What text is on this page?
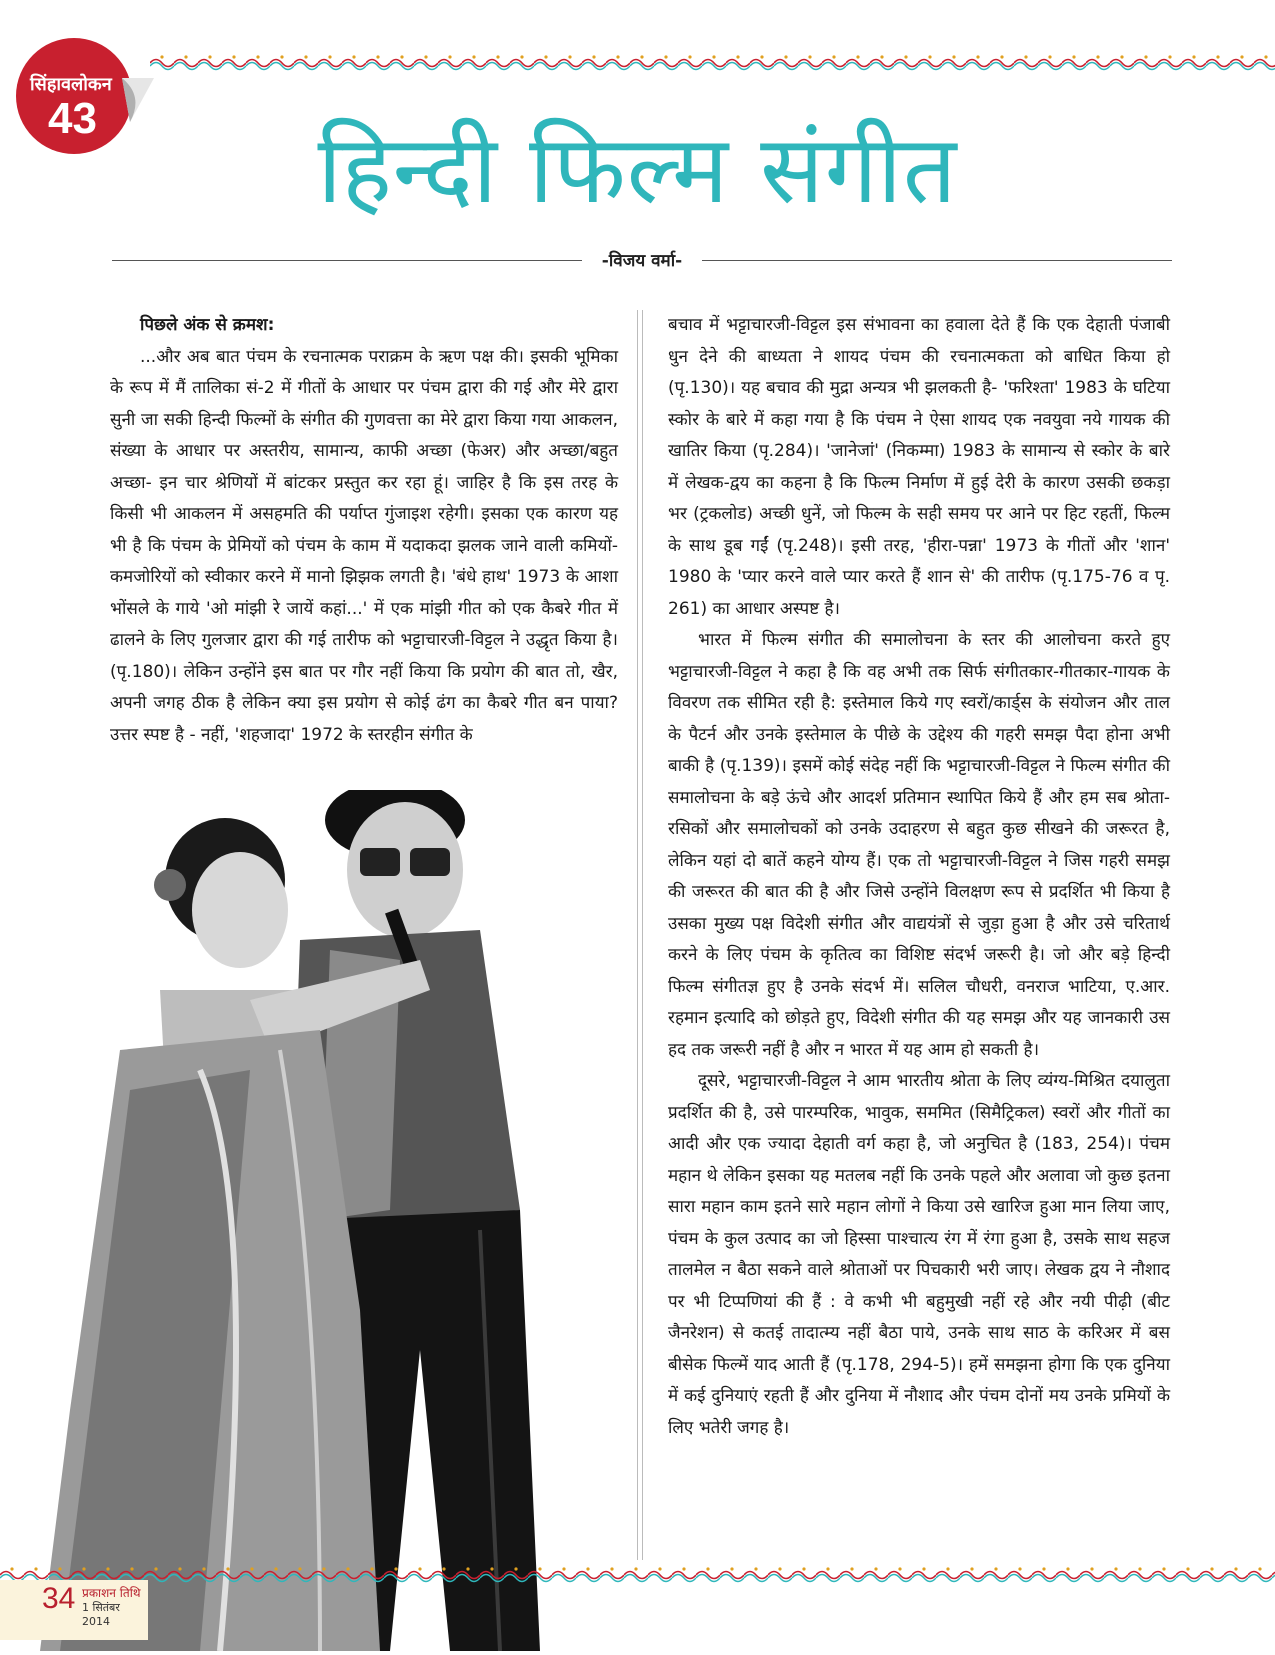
सिंहावलोकन
43	हिन्दी फिल्म संगीत
-विजय वर्मा-

पिछले अंक से क्रमश:

...और अब बात पंचम के रचनात्मक पराक्रम के ऋण पक्ष की। इसकी भूमिका के रूप में मैं तालिका सं-2 में गीतों के आधार पर पंचम द्वारा की गई और मेरे द्वारा सुनी जा सकी हिन्दी फिल्मों के संगीत की गुणवत्ता का मेरे द्वारा किया गया आकलन, संख्या के आधार पर अस्तरीय, सामान्य, काफी अच्छा (फेअर) और अच्छा/बहुत अच्छा- इन चार श्रेणियों में बांटकर प्रस्तुत कर रहा हूं। जाहिर है कि इस तरह के किसी भी आकलन में असहमति की पर्याप्त गुंजाइश रहेगी। इसका एक कारण यह भी है कि पंचम के प्रेमियों को पंचम के काम में यदाकदा झलक जाने वाली कमियों-कमजोरियों को स्वीकार करने में मानो झिझक लगती है। 'बंधे हाथ' 1973 के आशा भोंसले के गाये 'ओ मांझी रे जायें कहां...' में एक मांझी गीत को एक कैबरे गीत में ढालने के लिए गुलजार द्वारा की गई तारीफ को भट्टाचारजी-विट्टल ने उद्धृत किया है। (पृ.180)। लेकिन उन्होंने इस बात पर गौर नहीं किया कि प्रयोग की बात तो, खैर, अपनी जगह ठीक है लेकिन क्या इस प्रयोग से कोई ढंग का कैबरे गीत बन पाया? उत्तर स्पष्ट है - नहीं, 'शहजादा' 1972 के स्तरहीन संगीत के

बचाव में भट्टाचारजी-विट्टल इस संभावना का हवाला देते हैं कि एक देहाती पंजाबी धुन देने की बाध्यता ने शायद पंचम की रचनात्मकता को बाधित किया हो (पृ.130)। यह बचाव की मुद्रा अन्यत्र भी झलकती है- 'फरिश्ता' 1983 के घटिया स्कोर के बारे में कहा गया है कि पंचम ने ऐसा शायद एक नवयुवा नये गायक की खातिर किया (पृ.284)। 'जानेजां' (निकम्मा) 1983 के सामान्य से स्कोर के बारे में लेखक-द्वय का कहना है कि फिल्म निर्माण में हुई देरी के कारण उसकी छकड़ा भर (ट्रकलोड) अच्छी धुनें, जो फिल्म के सही समय पर आने पर हिट रहतीं, फिल्म के साथ डूब गईं (पृ.248)। इसी तरह, 'हीरा-पन्ना' 1973 के गीतों और 'शान' 1980 के 'प्यार करने वाले प्यार करते हैं शान से' की तारीफ (पृ.175-76 व पृ. 261) का आधार अस्पष्ट है।

भारत में फिल्म संगीत की समालोचना के स्तर की आलोचना करते हुए भट्टाचारजी-विट्टल ने कहा है कि वह अभी तक सिर्फ संगीतकार-गीतकार-गायक के विवरण तक सीमित रही है: इस्तेमाल किये गए स्वरों/कार्ड्स के संयोजन और ताल के पैटर्न और उनके इस्तेमाल के पीछे के उद्देश्य की गहरी समझ पैदा होना अभी बाकी है (पृ.139)। इसमें कोई संदेह नहीं कि भट्टाचारजी-विट्टल ने फिल्म संगीत की समालोचना के बड़े ऊंचे और आदर्श प्रतिमान स्थापित किये हैं और हम सब श्रोता-रसिकों और समालोचकों को उनके उदाहरण से बहुत कुछ सीखने की जरूरत है, लेकिन यहां दो बातें कहने योग्य हैं। एक तो भट्टाचारजी-विट्टल ने जिस गहरी समझ की जरूरत की बात की है और जिसे उन्होंने विलक्षण रूप से प्रदर्शित भी किया है उसका मुख्य पक्ष विदेशी संगीत और वाद्ययंत्रों से जुड़ा हुआ है और उसे चरितार्थ करने के लिए पंचम के कृतित्व का विशिष्ट संदर्भ जरूरी है। जो और बड़े हिन्दी फिल्म संगीतज्ञ हुए है उनके संदर्भ में। सलिल चौधरी, वनराज भाटिया, ए.आर. रहमान इत्यादि को छोड़ते हुए, विदेशी संगीत की यह समझ और यह जानकारी उस हद तक जरूरी नहीं है और न भारत में यह आम हो सकती है।

दूसरे, भट्टाचारजी-विट्टल ने आम भारतीय श्रोता के लिए व्यंग्य-मिश्रित दयालुता प्रदर्शित की है, उसे पारम्परिक, भावुक, सममित (सिमैट्रिकल) स्वरों और गीतों का आदी और एक ज्यादा देहाती वर्ग कहा है, जो अनुचित है (183, 254)। पंचम महान थे लेकिन इसका यह मतलब नहीं कि उनके पहले और अलावा जो कुछ इतना सारा महान काम इतने सारे महान लोगों ने किया उसे खारिज हुआ मान लिया जाए, पंचम के कुल उत्पाद का जो हिस्सा पाश्चात्य रंग में रंगा हुआ है, उसके साथ सहज तालमेल न बैठा सकने वाले श्रोताओं पर पिचकारी भरी जाए। लेखक द्वय ने नौशाद पर भी टिप्पणियां की हैं : वे कभी भी बहुमुखी नहीं रहे और नयी पीढ़ी (बीट जैनरेशन) से कतई तादात्म्य नहीं बैठा पाये, उनके साथ साठ के करिअर में बस बीसेक फिल्में याद आती हैं (पृ.178, 294-5)। हमें समझना होगा कि एक दुनिया में कई दुनियाएं रहती हैं और दुनिया में नौशाद और पंचम दोनों मय उनके प्रमियों के लिए भतेरी जगह है।

34 प्रकाशन तिथि
1 सितंबर 2014
